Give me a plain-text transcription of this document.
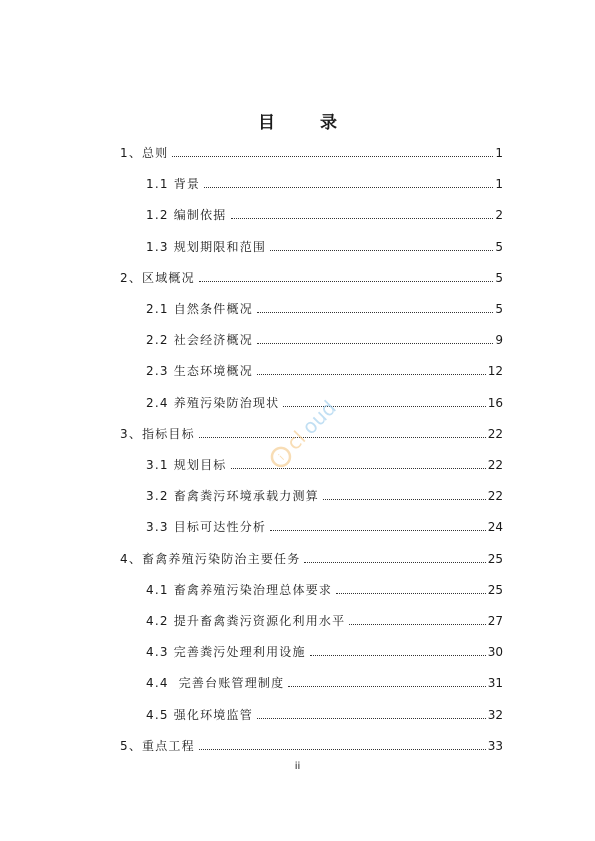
目　录
1、总则	1
1.1 背景	1
1.2 编制依据	2
1.3 规划期限和范围	5
2、区域概况	5
2.1 自然条件概况	5
2.2 社会经济概况	9
2.3 生态环境概况	12
2.4 养殖污染防治现状	16
3、指标目标	22
3.1 规划目标	22
3.2 畜禽粪污环境承载力测算	22
3.3 目标可达性分析	24
4、畜禽养殖污染防治主要任务	25
4.1 畜禽养殖污染治理总体要求	25
4.2 提升畜禽粪污资源化利用水平	27
4.3 完善粪污处理利用设施	30
4.4  完善台账管理制度	31
4.5 强化环境监管	32
5、重点工程	33
ii
i
cl
oud
